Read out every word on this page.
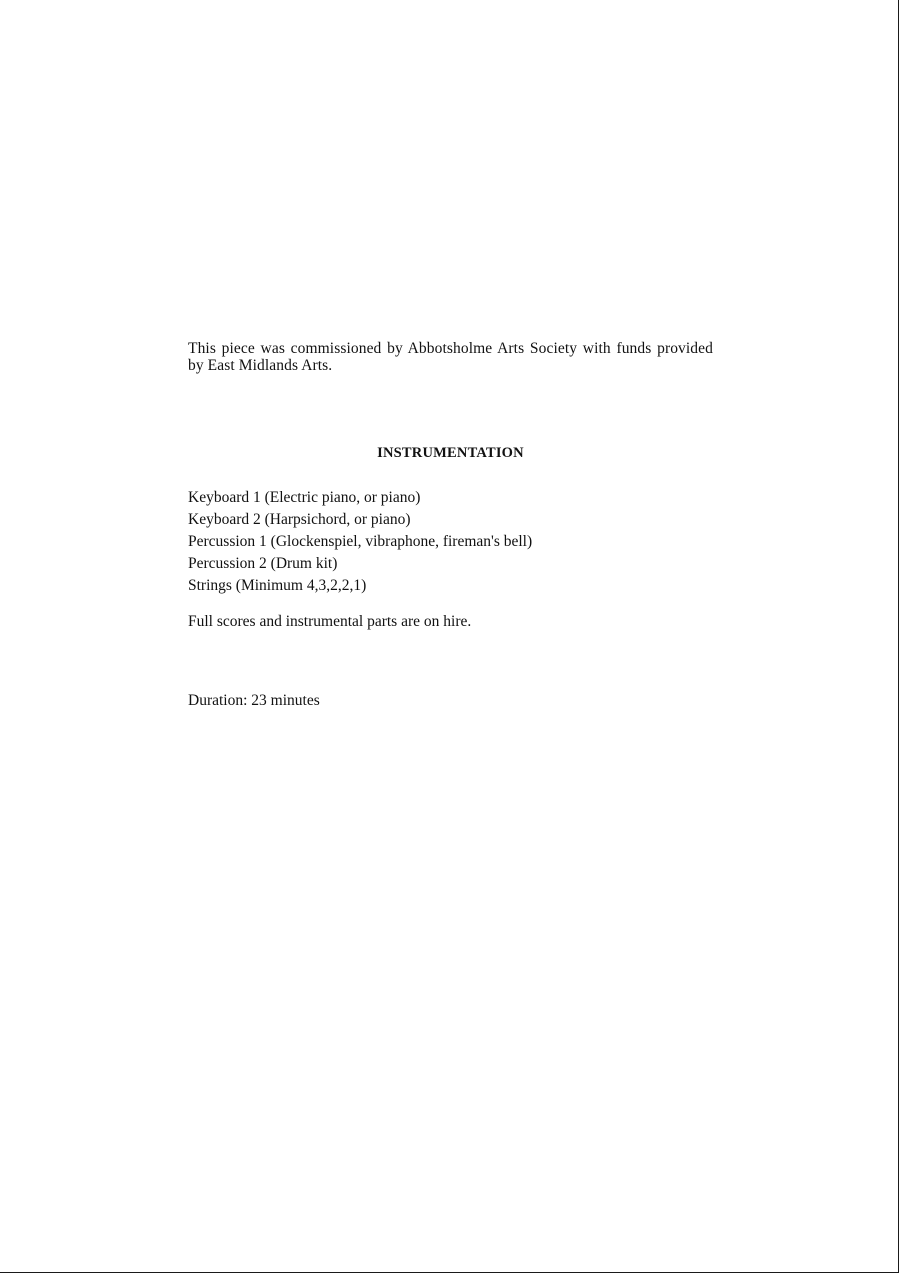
This piece was commissioned by Abbotsholme Arts Society with funds provided by East Midlands Arts.

INSTRUMENTATION

Keyboard 1 (Electric piano, or piano)
Keyboard 2 (Harpsichord, or piano)
Percussion 1 (Glockenspiel, vibraphone, fireman's bell)
Percussion 2 (Drum kit)
Strings (Minimum 4,3,2,2,1)

Full scores and instrumental parts are on hire.

Duration: 23 minutes
